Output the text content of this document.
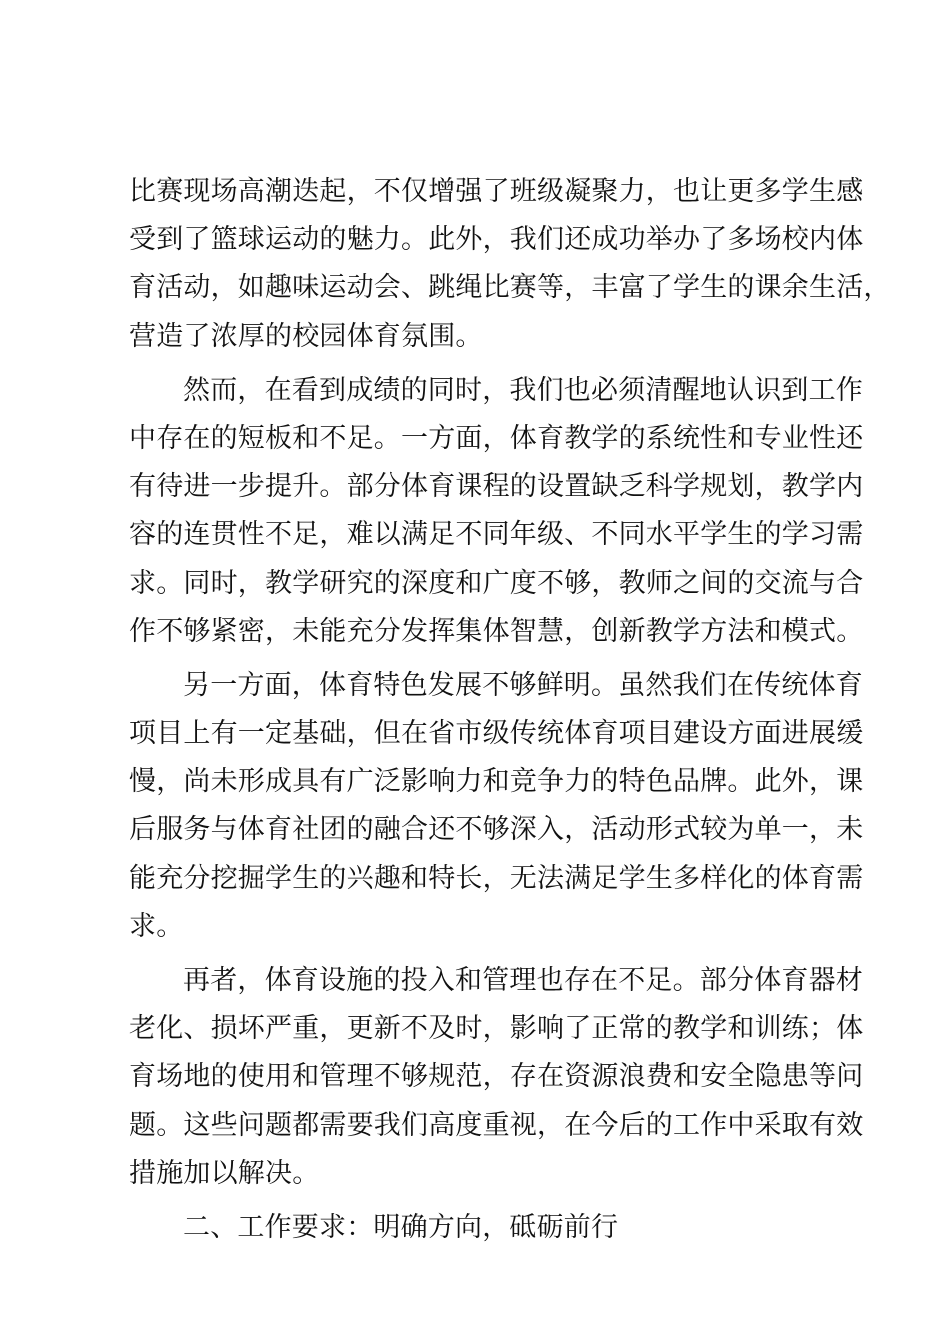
比赛现场高潮迭起，不仅增强了班级凝聚力，也让更多学生感
受到了篮球运动的魅力。此外，我们还成功举办了多场校内体
育活动，如趣味运动会、跳绳比赛等，丰富了学生的课余生活，
营造了浓厚的校园体育氛围。
然而，在看到成绩的同时，我们也必须清醒地认识到工作
中存在的短板和不足。一方面，体育教学的系统性和专业性还
有待进一步提升。部分体育课程的设置缺乏科学规划，教学内
容的连贯性不足，难以满足不同年级、不同水平学生的学习需
求。同时，教学研究的深度和广度不够，教师之间的交流与合
作不够紧密，未能充分发挥集体智慧，创新教学方法和模式。
另一方面，体育特色发展不够鲜明。虽然我们在传统体育
项目上有一定基础，但在省市级传统体育项目建设方面进展缓
慢，尚未形成具有广泛影响力和竞争力的特色品牌。此外，课
后服务与体育社团的融合还不够深入，活动形式较为单一，未
能充分挖掘学生的兴趣和特长，无法满足学生多样化的体育需
求。
再者，体育设施的投入和管理也存在不足。部分体育器材
老化、损坏严重，更新不及时，影响了正常的教学和训练；体
育场地的使用和管理不够规范，存在资源浪费和安全隐患等问
题。这些问题都需要我们高度重视，在今后的工作中采取有效
措施加以解决。
二、工作要求：明确方向，砥砺前行
